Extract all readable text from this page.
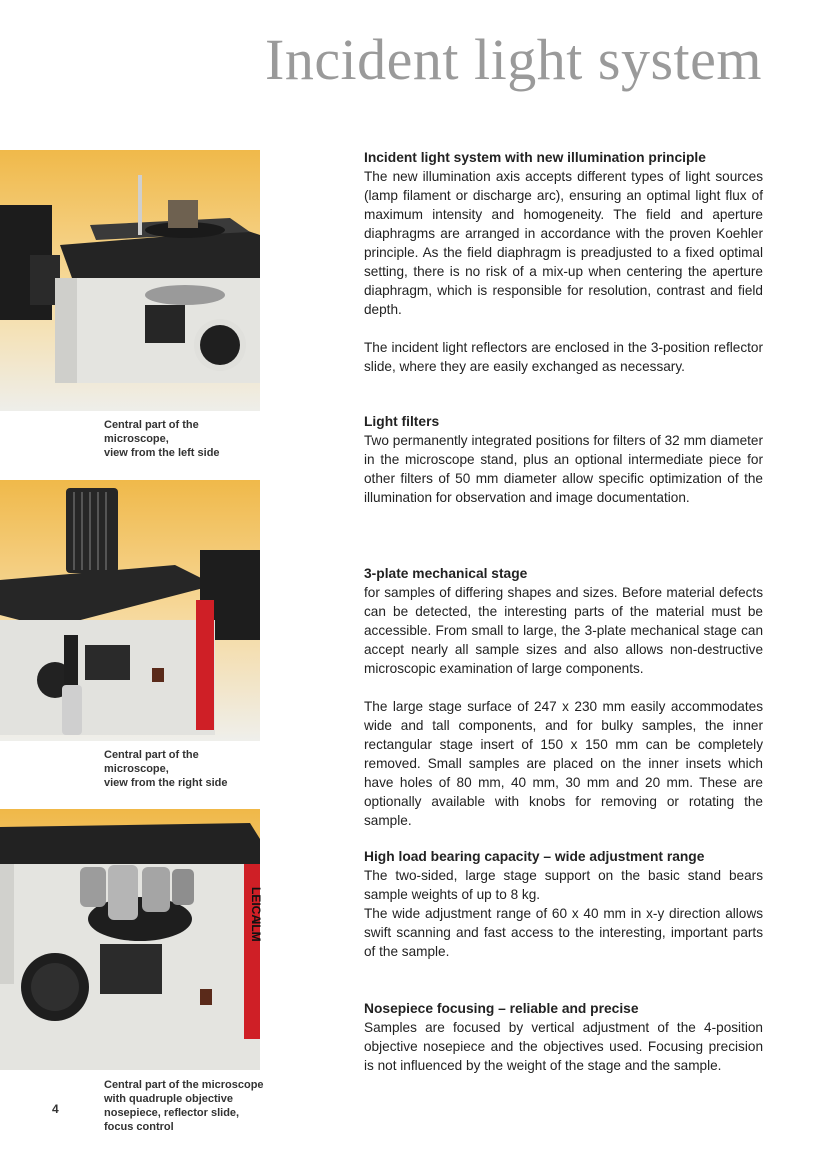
Incident light system
Central part of the microscope,
view from the left side
Central part of the microscope,
view from the right side
LEICA
ILM
Central part of the microscope
with quadruple objective
nosepiece, reflector slide,
focus control
4
Incident light system with new illumination principle

The new illumination axis accepts different types of light sources (lamp filament or discharge arc), ensuring an optimal light flux of maximum intensity and homogeneity. The field and aperture diaphragms are arranged in accordance with the proven Koehler principle. As the field diaphragm is preadjusted to a fixed optimal setting, there is no risk of a mix-up when centering the aperture diaphragm, which is responsible for resolution, contrast and field depth.

The incident light reflectors are enclosed in the 3-position reflector slide, where they are easily exchanged as necessary.

Light filters

Two permanently integrated positions for filters of 32 mm diameter in the microscope stand, plus an optional intermediate piece for other filters of 50 mm diameter allow specific optimization of the illumination for observation and image documentation.

3-plate mechanical stage

for samples of differing shapes and sizes. Before material defects can be detected, the interesting parts of the material must be accessible. From small to large, the 3-plate mechanical stage can accept nearly all sample sizes and also allows non-destructive microscopic examination of large components.

The large stage surface of 247 x 230 mm easily accommodates wide and tall components, and for bulky samples, the inner rectangular stage insert of 150 x 150 mm can be completely removed. Small samples are placed on the inner insets which have holes of 80 mm, 40 mm, 30 mm and 20 mm. These are optionally available with knobs for removing or rotating the sample.

High load bearing capacity – wide adjustment range

The two-sided, large stage support on the basic stand bears sample weights of up to 8 kg.

The wide adjustment range of 60 x 40 mm in x-y direction allows swift scanning and fast access to the interesting, important parts of the sample.

Nosepiece focusing – reliable and precise

Samples are focused by vertical adjustment of the 4-position objective nosepiece and the objectives used. Focusing precision is not influenced by the weight of the stage and the sample.
